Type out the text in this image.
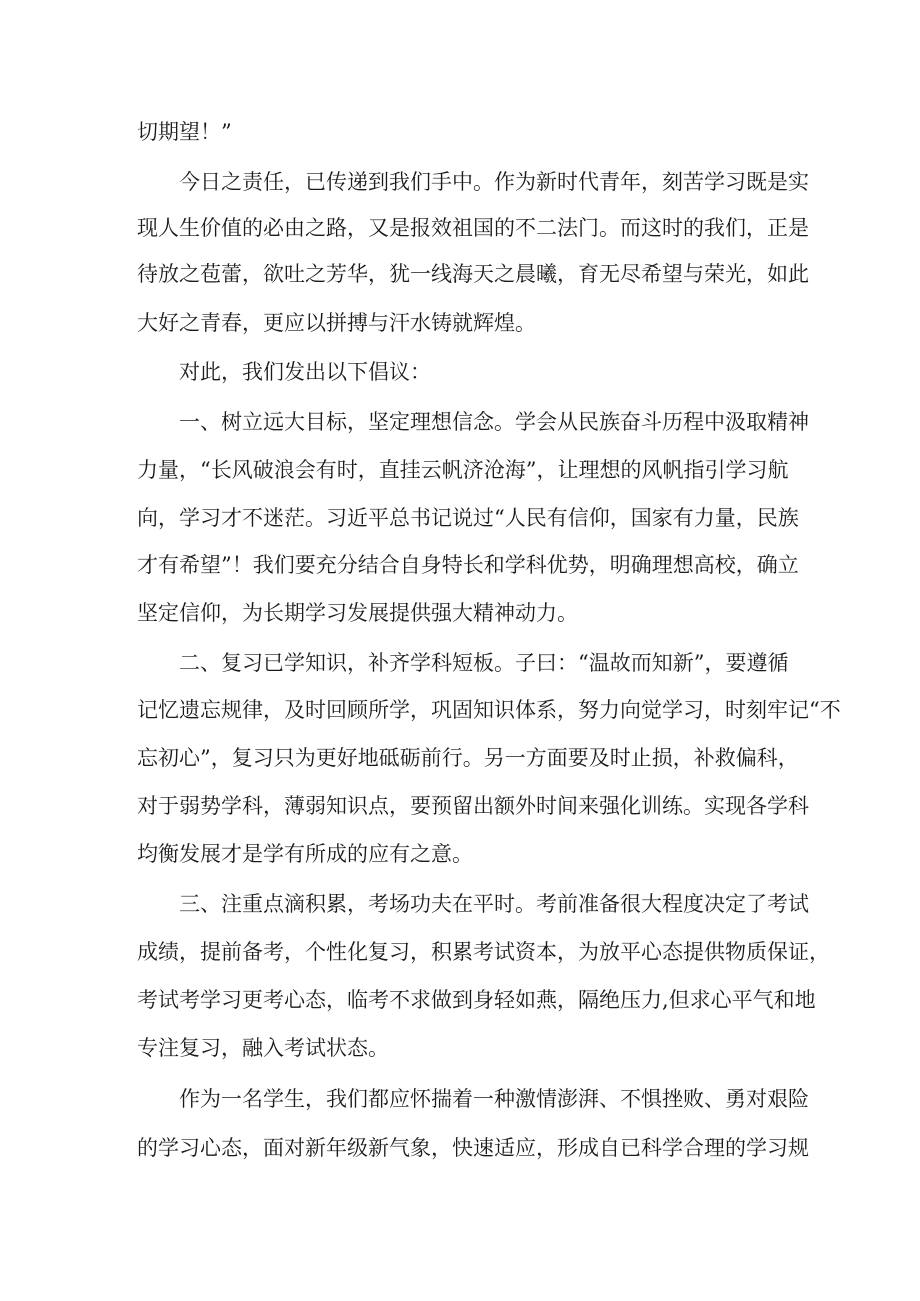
切期望！”
今日之责任，已传递到我们手中。作为新时代青年，刻苦学习既是实
现人生价值的必由之路，又是报效祖国的不二法门。而这时的我们，正是
待放之苞蕾，欲吐之芳华，犹一线海天之晨曦，育无尽希望与荣光，如此
大好之青春，更应以拼搏与汗水铸就辉煌。
对此，我们发出以下倡议：
一、树立远大目标，坚定理想信念。学会从民族奋斗历程中汲取精神
力量，“长风破浪会有时，直挂云帆济沧海”，让理想的风帆指引学习航
向，学习才不迷茫。习近平总书记说过“人民有信仰，国家有力量，民族
才有希望”！我们要充分结合自身特长和学科优势，明确理想高校，确立
坚定信仰，为长期学习发展提供强大精神动力。
二、复习已学知识，补齐学科短板。子曰：“温故而知新”，要遵循
记忆遗忘规律，及时回顾所学，巩固知识体系，努力向觉学习，时刻牢记“不
忘初心”，复习只为更好地砥砺前行。另一方面要及时止损，补救偏科，
对于弱势学科，薄弱知识点，要预留出额外时间来强化训练。实现各学科
均衡发展才是学有所成的应有之意。
三、注重点滴积累，考场功夫在平时。考前准备很大程度决定了考试
成绩，提前备考，个性化复习，积累考试资本，为放平心态提供物质保证，
考试考学习更考心态，临考不求做到身轻如燕，隔绝压力,但求心平气和地
专注复习，融入考试状态。
作为一名学生，我们都应怀揣着一种激情澎湃、不惧挫败、勇对艰险
的学习心态，面对新年级新气象，快速适应，形成自已科学合理的学习规
